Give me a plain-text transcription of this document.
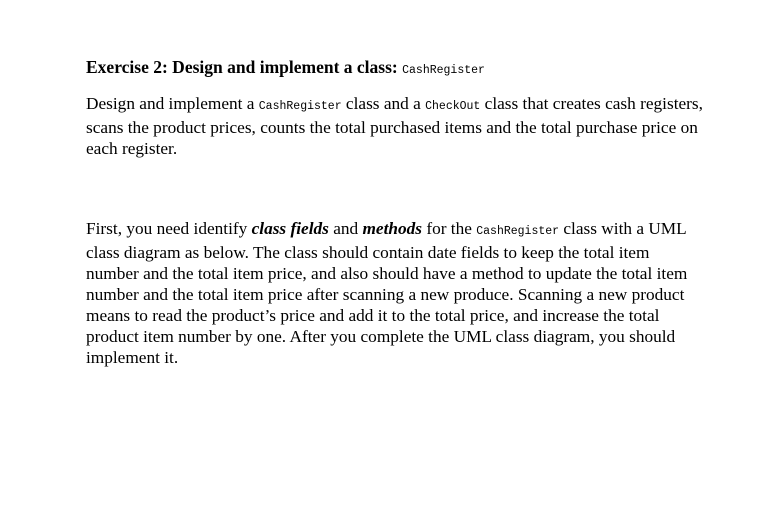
Exercise 2: Design and implement a class: CashRegister

Design and implement a CashRegister class and a CheckOut class that creates cash registers, scans the product prices, counts the total purchased items and the total purchase price on each register.

First, you need identify class fields and methods for the CashRegister class with a UML class diagram as below. The class should contain date fields to keep the total item number and the total item price, and also should have a method to update the total item number and the total item price after scanning a new produce. Scanning a new product means to read the product’s price and add it to the total price, and increase the total product item number by one. After you complete the UML class diagram, you should implement it.
